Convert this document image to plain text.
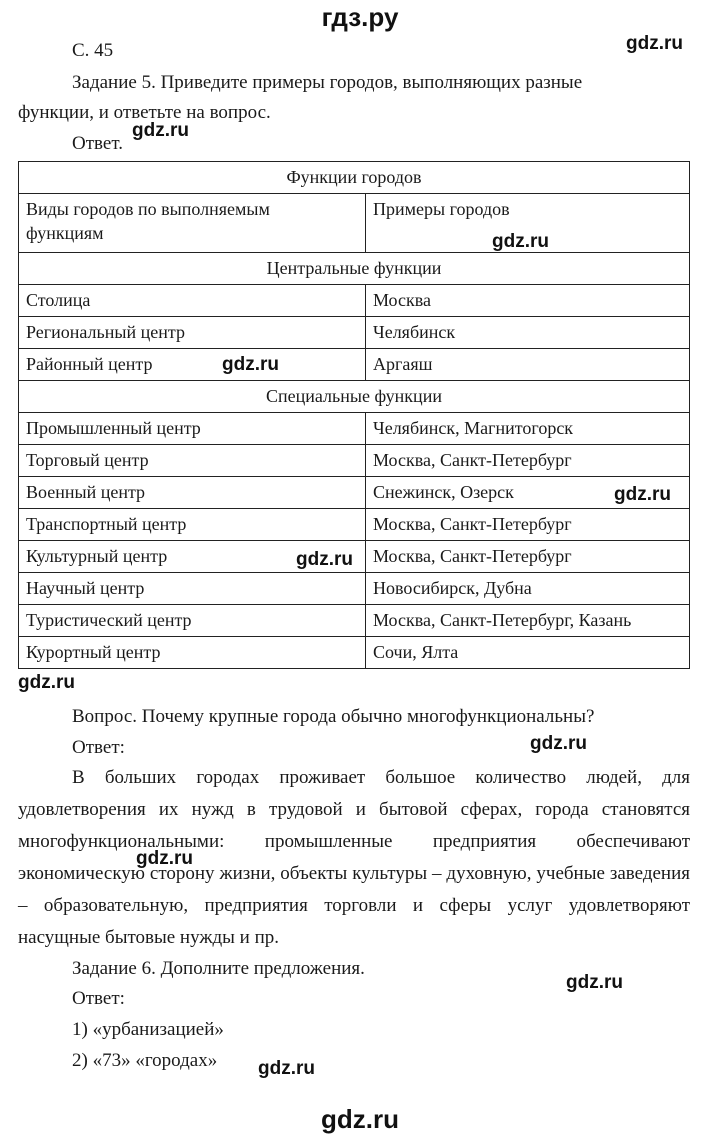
гдз.ру
С. 45	gdz.ru
Задание 5. Приведите примеры городов, выполняющих разные
функции, и ответьте на вопрос.
Ответ.
gdz.ru
Функции городов	
Виды городов по выполняемым
функциям	Примеры городов
Центральные функции	
Столица	Москва
Региональный центр	Челябинск
Районный центр	Аргаяш
Специальные функции	
Промышленный центр	Челябинск, Магнитогорск
Торговый центр	Москва, Санкт-Петербург
Военный центр	Снежинск, Озерск
Транспортный центр	Москва, Санкт-Петербург
Культурный центр	Москва, Санкт-Петербург
Научный центр	Новосибирск, Дубна
Туристический центр	Москва, Санкт-Петербург, Казань
Курортный центр	Сочи, Ялта
gdz.ru
gdz.ru
gdz.ru
gdz.ru
gdz.ru
Вопрос. Почему крупные города обычно многофункциональны?
Ответ:	gdz.ru
В больших городах проживает большое количество людей, для удовлетворения их нужд в трудовой и бытовой сферах, города становятся многофункциональными: промышленные предприятия обеспечивают экономическую сторону жизни, объекты культуры – духовную, учебные заведения – образовательную, предприятия торговли и сферы услуг удовлетворяют насущные бытовые нужды и пр.
gdz.ru
Задание 6. Дополните предложения.
gdz.ru
Ответ:
1) «урбанизацией»
2) «73» «городах» gdz.ru
gdz.ru
